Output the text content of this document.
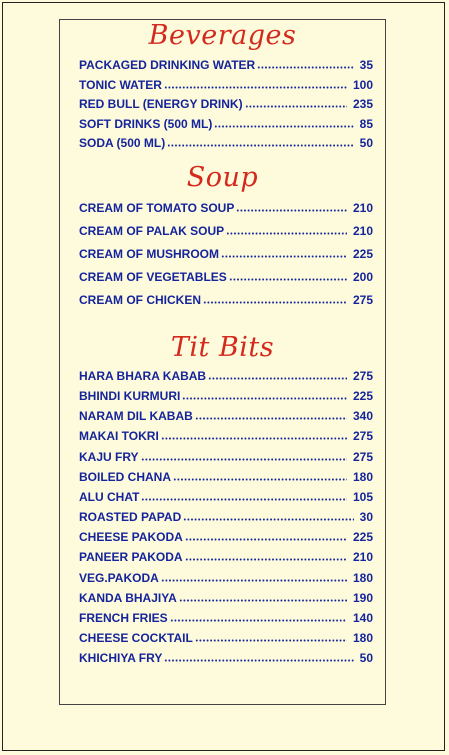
Beverages
PACKAGED DRINKING WATER	35
TONIC WATER	100
RED BULL (ENERGY DRINK)	235
SOFT DRINKS (500 ML)	85
SODA (500 ML)	50
Soup
CREAM OF TOMATO SOUP	210
CREAM OF PALAK SOUP	210
CREAM OF MUSHROOM	225
CREAM OF VEGETABLES	200
CREAM OF CHICKEN	275
Tit Bits
HARA BHARA KABAB	275
BHINDI KURMURI	225
NARAM DIL KABAB	340
MAKAI TOKRI	275
KAJU FRY	275
BOILED CHANA	180
ALU CHAT	105
ROASTED PAPAD	30
CHEESE PAKODA	225
PANEER PAKODA	210
VEG.PAKODA	180
KANDA BHAJIYA	190
FRENCH FRIES	140
CHEESE COCKTAIL	180
KHICHIYA FRY	50
